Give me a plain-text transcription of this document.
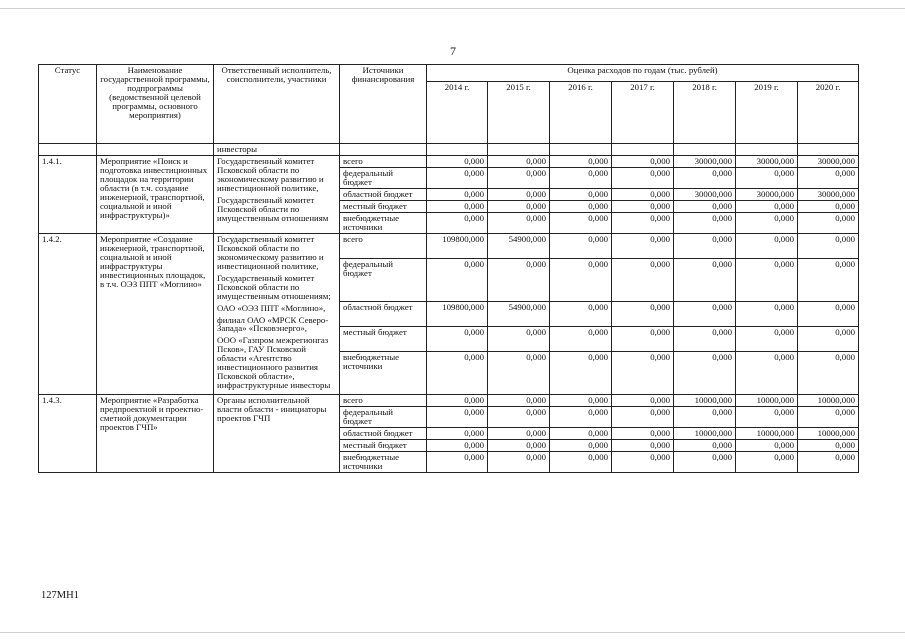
7
Статус	Наименование государственной программы, подпрограммы (ведомственной целевой программы, основного мероприятия)	Ответственный исполнитель, соисполнители, участники	Источники финансирования	Оценка расходов по годам (тыс. рублей)						
				2014 г.	2015 г.	2016 г.	2017 г.	2018 г.	2019 г.	2020 г.
		инвесторы								
1.4.1.	Мероприятие «Поиск и подготовка инвестиционных площадок на территории области (в т.ч. создание инженерной, транспортной, социальной и иной инфраструктуры)»	Государственный комитет Псковской области по экономическому развитию и инвестиционной политике,
Государственный комитет Псковской области по имущественным отношениям	всего	0,000	0,000	0,000	0,000	30000,000	30000,000	30000,000
			федеральный бюджет	0,000	0,000	0,000	0,000	0,000	0,000	0,000
			областной бюджет	0,000	0,000	0,000	0,000	30000,000	30000,000	30000,000
			местный бюджет	0,000	0,000	0,000	0,000	0,000	0,000	0,000
			внебюджетные источники	0,000	0,000	0,000	0,000	0,000	0,000	0,000
1.4.2.	Мероприятие «Создание инженерной, транспортной, социальной и иной инфраструктуры инвестиционных площадок, в т.ч. ОЭЗ ППТ «Моглино»	Государственный комитет Псковской области по экономическому развитию и инвестиционной политике,
Государственный комитет Псковской области по имущественным отношениям;
ОАО «ОЭЗ ППТ «Моглино»,
филиал ОАО «МРСК Северо-Запада» «Псковэнерго»,
ООО «Газпром межрегионгаз Псков», ГАУ Псковской области «Агентство инвестиционного развития Псковской области», инфраструктурные инвесторы	всего	109800,000	54900,000	0,000	0,000	0,000	0,000	0,000
			федеральный бюджет	0,000	0,000	0,000	0,000	0,000	0,000	0,000
			областной бюджет	109800,000	54900,000	0,000	0,000	0,000	0,000	0,000
			местный бюджет	0,000	0,000	0,000	0,000	0,000	0,000	0,000
			внебюджетные источники	0,000	0,000	0,000	0,000	0,000	0,000	0,000
1.4.3.	Мероприятие «Разработка предпроектной и проектно-сметной документации проектов ГЧП»	Органы исполнительной власти области - инициаторы проектов ГЧП	всего	0,000	0,000	0,000	0,000	10000,000	10000,000	10000,000
			федеральный бюджет	0,000	0,000	0,000	0,000	0,000	0,000	0,000
			областной бюджет	0,000	0,000	0,000	0,000	10000,000	10000,000	10000,000
			местный бюджет	0,000	0,000	0,000	0,000	0,000	0,000	0,000
			внебюджетные источники	0,000	0,000	0,000	0,000	0,000	0,000	0,000
127МН1
